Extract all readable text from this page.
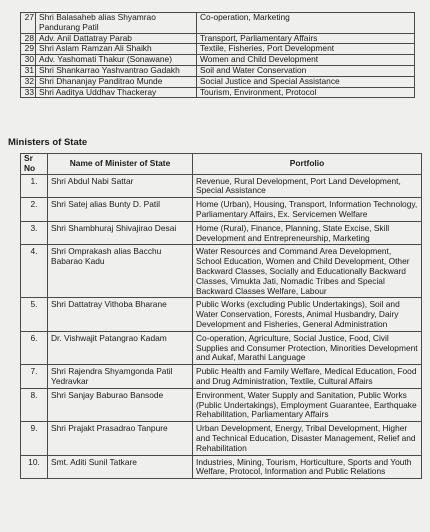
27	Shri Balasaheb alias Shyamrao Pandurang Patil	Co-operation, Marketing
28	Adv. Anil Dattatray Parab	Transport, Parliamentary Affairs
29	Shri Aslam Ramzan Ali Shaikh	Textile, Fisheries, Port Development
30	Adv. Yashomati Thakur (Sonawane)	Women and Child Development
31	Shri Shankarrao Yashvantrao Gadakh	Soil and Water Conservation
32	Shri Dhananjay Panditrao Munde	Social Justice and Special Assistance
33	Shri Aaditya Uddhav Thackeray	Tourism, Environment, Protocol
Ministers of State
Sr No	Name of Minister of State	Portfolio
1.	Shri Abdul Nabi Sattar	Revenue, Rural Development, Port Land Development, Special Assistance
2.	Shri Satej alias Bunty D. Patil	Home (Urban), Housing, Transport, Information Technology, Parliamentary Affairs, Ex. Servicemen Welfare
3.	Shri Shambhuraj Shivajirao Desai	Home (Rural), Finance, Planning, State Excise, Skill Development and Entrepreneurship, Marketing
4.	Shri Omprakash alias Bacchu Babarao Kadu	Water Resources and Command Area Development, School Education, Women and Child Development, Other Backward Classes, Socially and Educationally Backward Classes, Vimukta Jati, Nomadic Tribes and Special Backward Classes Welfare, Labour
5.	Shri Dattatray Vithoba Bharane	Public Works (excluding Public Undertakings), Soil and Water Conservation, Forests, Animal Husbandry, Dairy Development and Fisheries, General Administration
6.	Dr. Vishwajit Patangrao Kadam	Co-operation, Agriculture, Social Justice, Food, Civil Supplies and Consumer Protection, Minorities Development and Aukaf, Marathi Language
7.	Shri Rajendra Shyamgonda Patil Yedravkar	Public Health and Family Welfare, Medical Education, Food and Drug Administration, Textile, Cultural Affairs
8.	Shri Sanjay Baburao Bansode	Environment, Water Supply and Sanitation, Public Works (Public Undertakings), Employment Guarantee, Earthquake Rehabilitation, Parliamentary Affairs
9.	Shri Prajakt Prasadrao Tanpure	Urban Development, Energy, Tribal Development, Higher and Technical Education, Disaster Management, Relief and Rehabilitation
10.	Smt. Aditi Sunil Tatkare	Industries, Mining, Tourism, Horticulture, Sports and Youth Welfare, Protocol, Information and Public Relations
